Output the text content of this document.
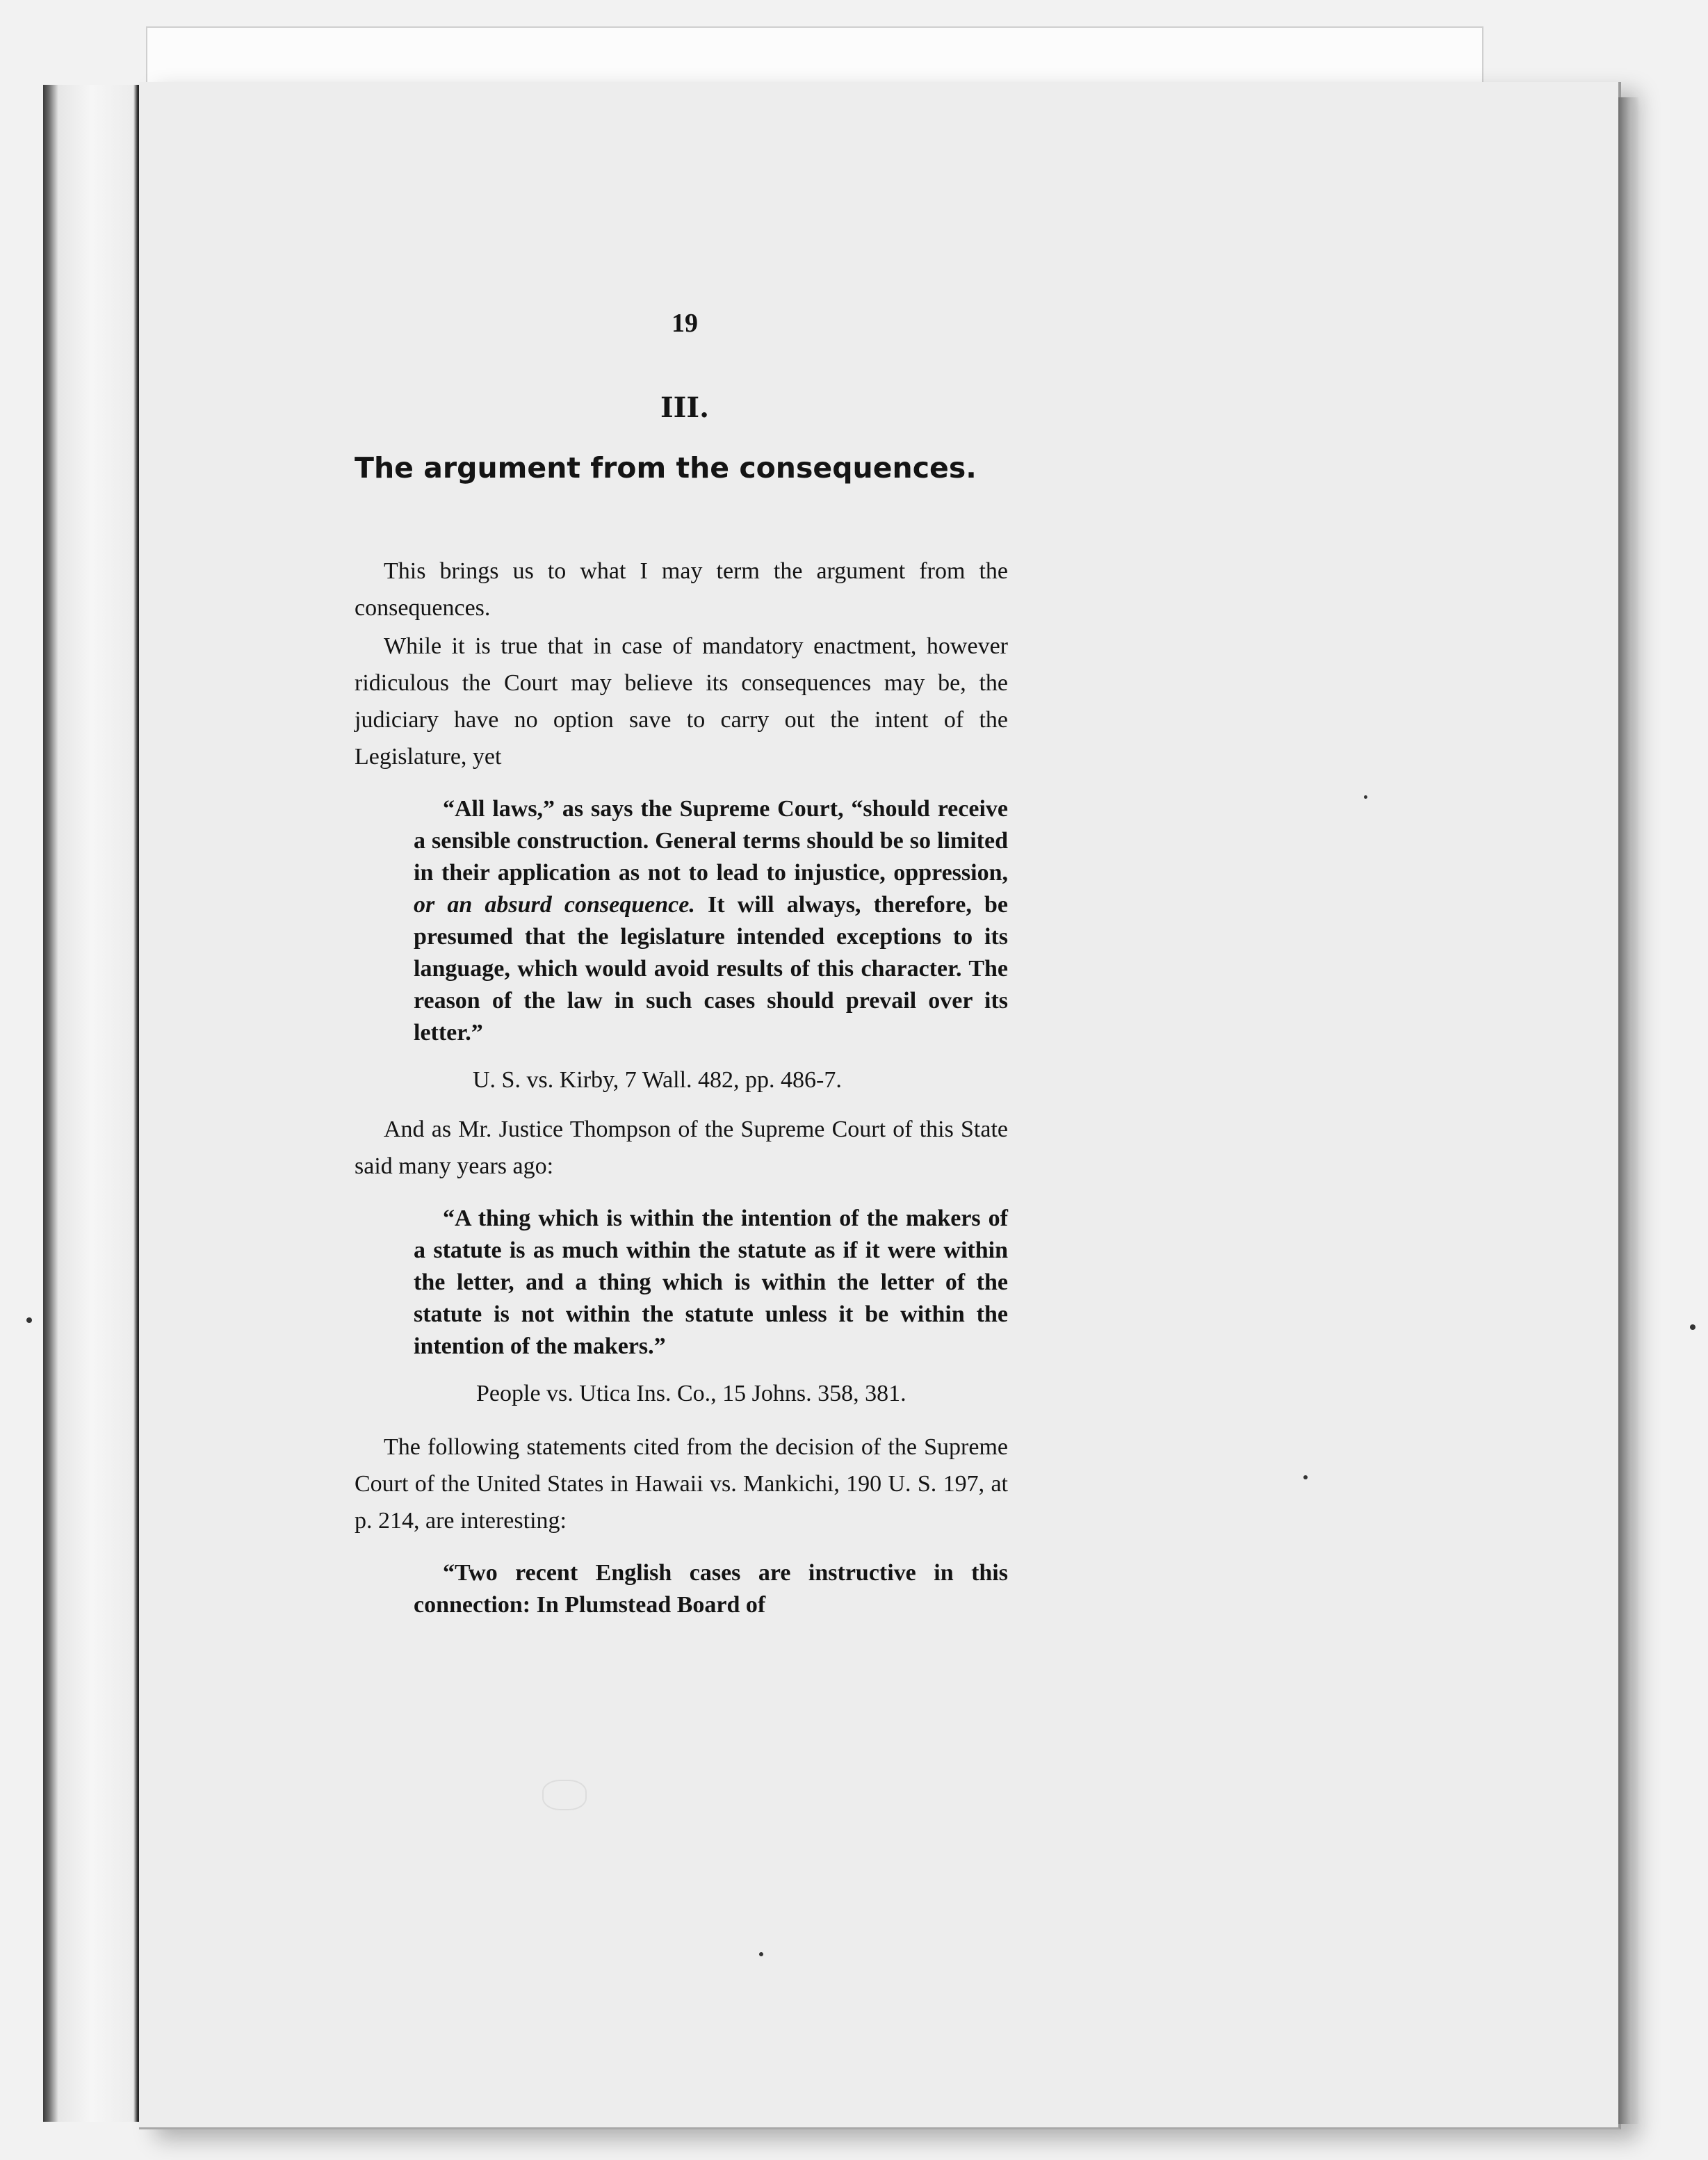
19

III.

The argument from the consequences.

This brings us to what I may term the argument from the consequences.

While it is true that in case of mandatory enactment, however ridiculous the Court may believe its consequences may be, the judiciary have no option save to carry out the intent of the Legislature, yet

“All laws,” as says the Supreme Court, “should receive a sensible construction. General terms should be so limited in their application as not to lead to injustice, oppression, or an absurd consequence. It will always, therefore, be presumed that the legislature intended exceptions to its language, which would avoid results of this character. The reason of the law in such cases should prevail over its letter.”

U. S. vs. Kirby, 7 Wall. 482, pp. 486-7.

And as Mr. Justice Thompson of the Supreme Court of this State said many years ago:

“A thing which is within the intention of the makers of a statute is as much within the statute as if it were within the letter, and a thing which is within the letter of the statute is not within the statute unless it be within the intention of the makers.”

People vs. Utica Ins. Co., 15 Johns. 358, 381.

The following statements cited from the decision of the Supreme Court of the United States in Hawaii vs. Mankichi, 190 U. S. 197, at p. 214, are interesting:

“Two recent English cases are instructive in this connection: In Plumstead Board of
